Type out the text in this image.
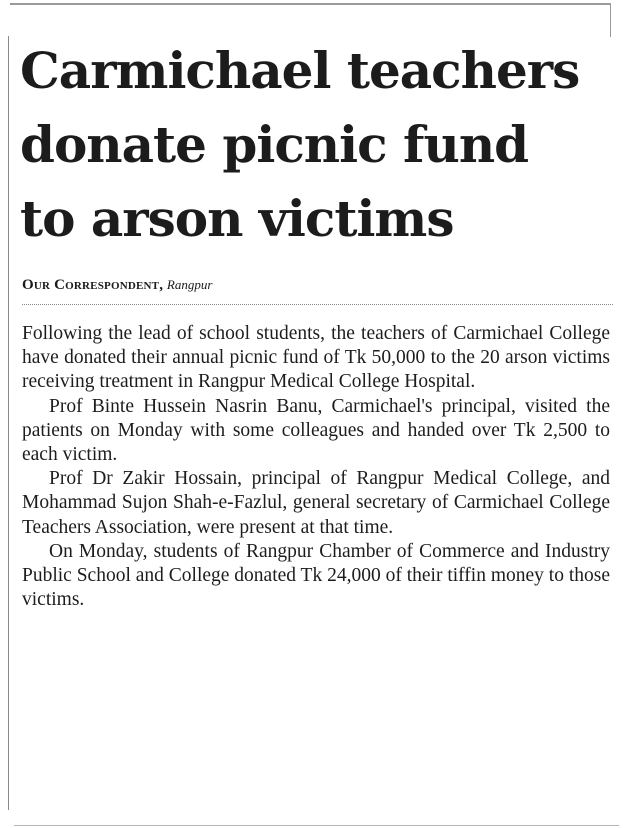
Carmichael teachers
donate picnic fund
to arson victims
Our Correspondent, Rangpur

Following the lead of school students, the teachers of Carmichael College have donated their annual picnic fund of Tk 50,000 to the 20 arson victims receiving treatment in Rangpur Medical College Hospital.

Prof Binte Hussein Nasrin Banu, Carmichael's principal, visited the patients on Monday with some colleagues and handed over Tk 2,500 to each victim.

Prof Dr Zakir Hossain, principal of Rangpur Medical College, and Mohammad Sujon Shah-e-Fazlul, general secretary of Carmichael College Teachers Association, were present at that time.

On Monday, students of Rangpur Chamber of Commerce and Industry Public School and College donated Tk 24,000 of their tiffin money to those victims.
